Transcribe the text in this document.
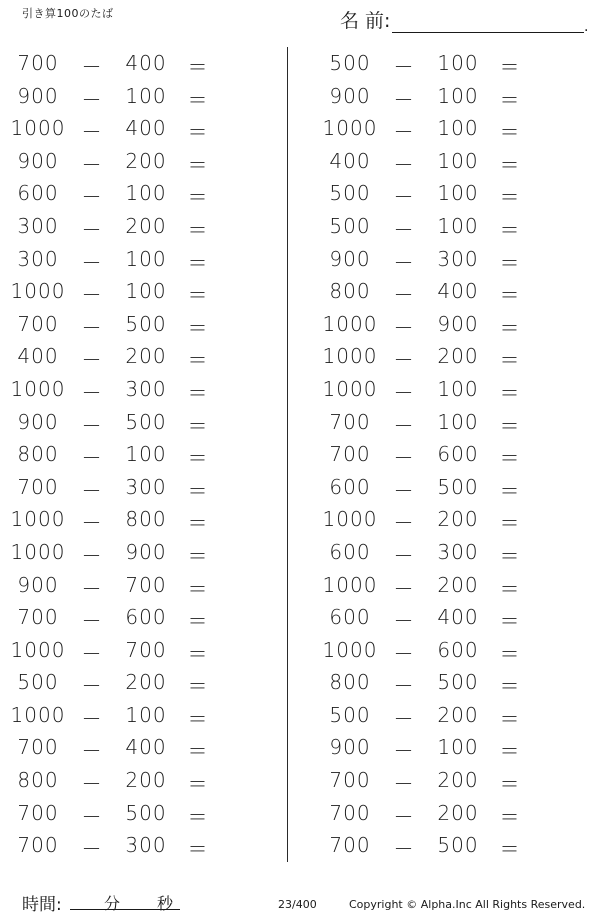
引き算100のたば	名 前:	.
700	－	400	＝
900	－	100	＝
1000 －	400	＝
900	－	200	＝
600	－	100	＝
300	－	200	＝
300	－	100	＝
1000 －	100	＝
700	－	500	＝
400	－	200	＝
1000 －	300	＝
900	－	500	＝
800	－	100	＝
700	－	300	＝
1000 －	800	＝
1000 －	900	＝
900	－	700	＝
700	－	600	＝
1000 －	700	＝
500	－	200	＝
1000 －	100	＝
700	－	400	＝
800	－	200	＝
700	－	500	＝
700	－	300	＝
500	－	100	＝
900	－	100	＝
1000 －	100	＝
400	－	100	＝
500	－	100	＝
500	－	100	＝
900	－	300	＝
800	－	400	＝
1000 －	900	＝
1000 －	200	＝
1000 －	100	＝
700	－	100	＝
700	－	600	＝
600	－	500	＝
1000 －	200	＝
600	－	300	＝
1000 －	200	＝
600	－	400	＝
1000 －	600	＝
800	－	500	＝
500	－	200	＝
900	－	100	＝
700	－	200	＝
700	－	200	＝
700	－	500	＝
時間:	分 秒	23/400	Copyright © Alpha.Inc All Rights Reserved.
